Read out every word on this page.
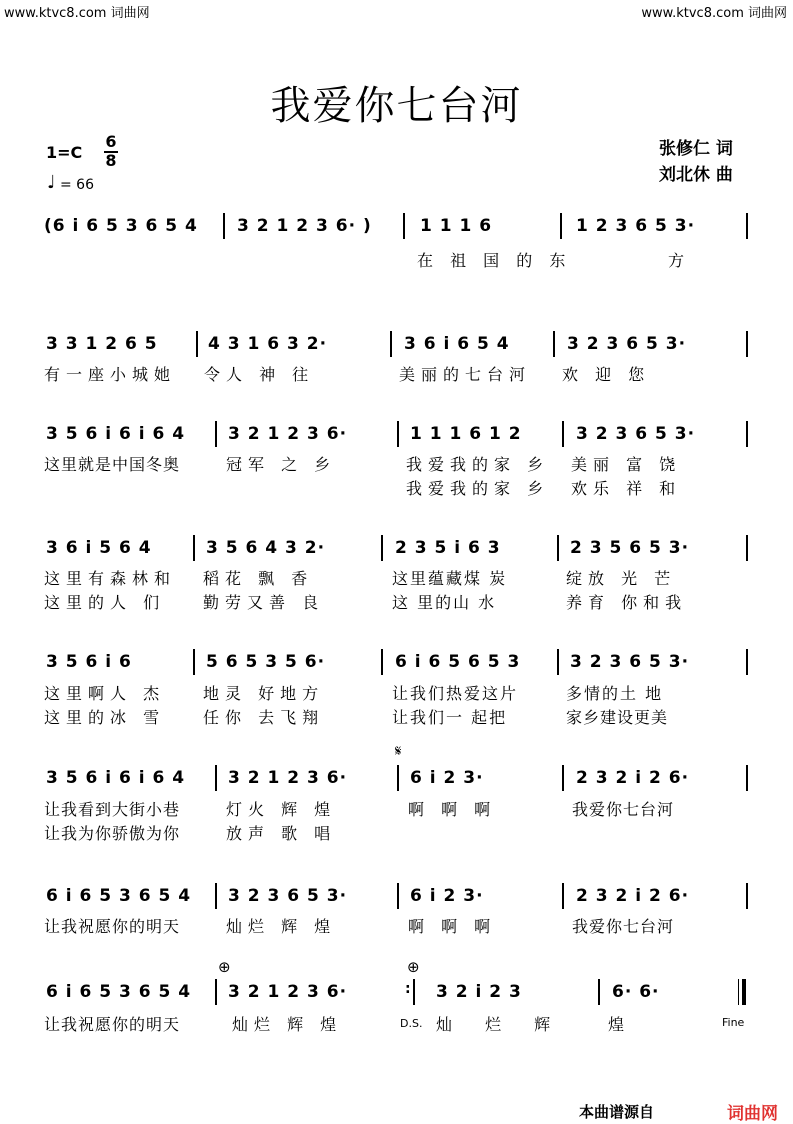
www.ktvc8.com 词曲网	www.ktvc8.com 词曲网
我爱你七台河
1=C
6
8
♩ = 66
张修仁 词
刘北休 曲
(6 i 6 5 3 6 5 4 3 2 1 2 3 6· )	1 1 1 6	1 2 3 6 5 3·
在 祖 国 的 东	方
3 3 1 2 6 5	4 3 1 6 3 2·	3 6 i 6 5 4	3 2 3 6 5 3·
有一座小城她 令人 神 往	美丽的七台河 欢 迎 您
3 5 6 i 6 i 6 4	3 2 1 2 3 6·	1 1 1 6 1 2	3 2 3 6 5 3·
这里就是中国冬奥	冠军 之 乡	我爱我的家 乡 美丽 富 饶
我爱我的家 乡 欢乐 祥 和
3 6 i 5 6 4	3 5 6 4 3 2·	2 3 5 i 6 3	2 3 5 6 5 3·
这里有森林和 稻花 飘 香	这里蕴藏煤 炭	绽放 光 芒
这里的人 们 勤劳又善 良	这 里的山 水	养育 你和我
3 5 6 i 6	5 6 5 3 5 6·	6 i 6 5 6 5 3	3 2 3 6 5 3·
这里啊人 杰 地灵 好地方	让我们热爱这片	多情的土 地
这里的冰 雪 任你 去飞翔	让我们一 起把	家乡建设更美
𝄋
3 5 6 i 6 i 6 4	3 2 1 2 3 6·	6 i 2 3·	2 3 2 i 2 6·
让我看到大街小巷	灯火 辉 煌	啊 啊 啊	我爱你七台河
让我为你骄傲为你	放声 歌 唱
6 i 6 5 3 6 5 4 3 2 3 6 5 3·	6 i 2 3·	2 3 2 i 2 6·
让我祝愿你的明天	灿烂 辉 煌	啊 啊 啊	我爱你七台河
⊕	⊕
6 i 6 5 3 6 5 4 3 2 1 2 3 6·	: 3 2 i 2 3	6· 6·
让我祝愿你的明天	灿烂 辉 煌	D.S. 灿 烂 辉	煌	Fine
本曲谱源自	词曲网
